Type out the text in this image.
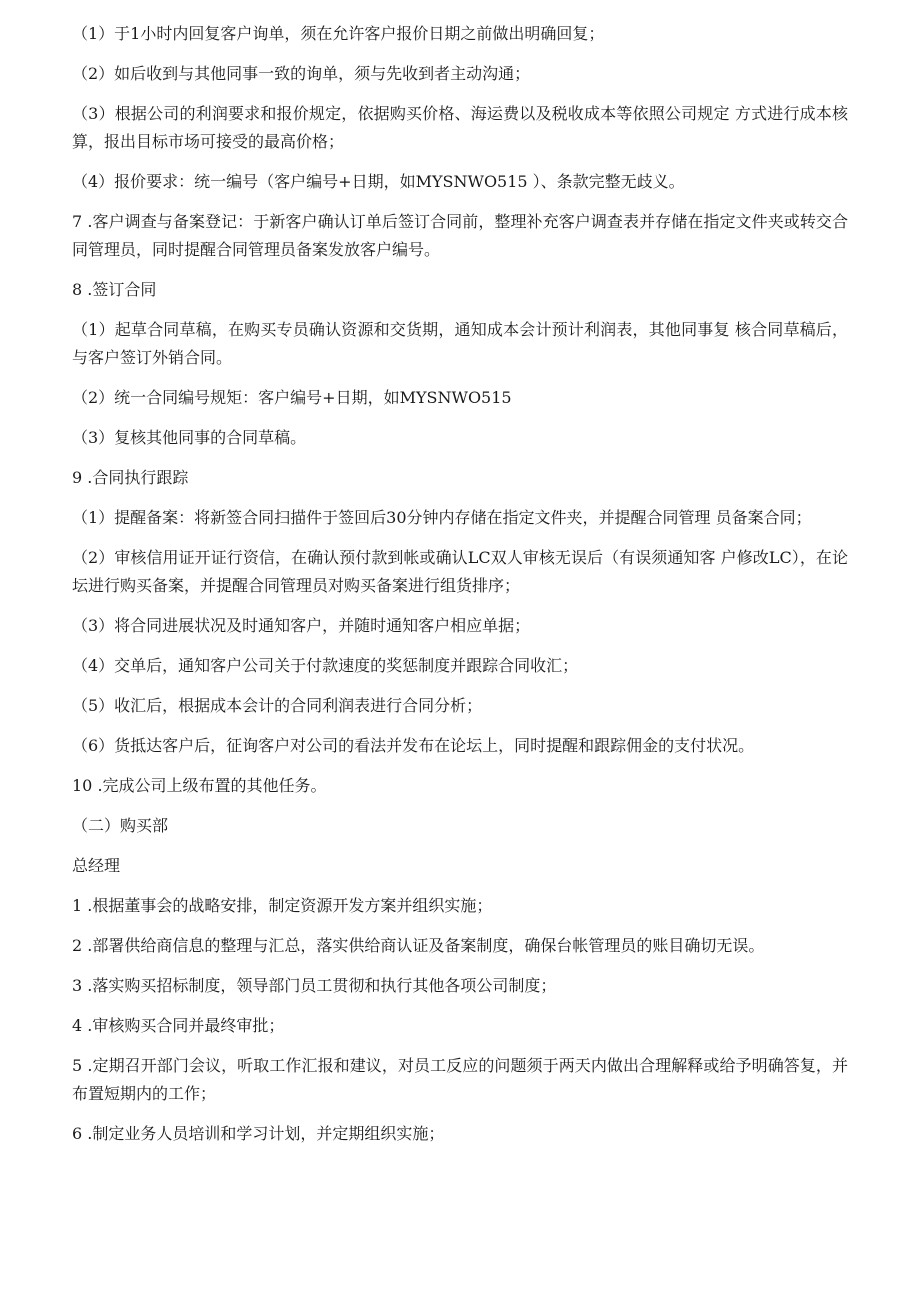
（1）于1小时内回复客户询单，须在允许客户报价日期之前做出明确回复；

（2）如后收到与其他同事一致的询单，须与先收到者主动沟通；

（3）根据公司的利润要求和报价规定，依据购买价格、海运费以及税收成本等依照公司规定 方式进行成本核算，报出目标市场可接受的最高价格；

（4）报价要求：统一编号（客户编号+日期，如MYSNWO515 ）、条款完整无歧义。

7 .客户调查与备案登记：于新客户确认订单后签订合同前，整理补充客户调查表并存储在指定文件夹或转交合同管理员，同时提醒合同管理员备案发放客户编号。

8 .签订合同

（1）起草合同草稿，在购买专员确认资源和交货期，通知成本会计预计利润表，其他同事复 核合同草稿后，与客户签订外销合同。

（2）统一合同编号规矩：客户编号+日期，如MYSNWO515

（3）复核其他同事的合同草稿。

9 .合同执行跟踪

（1）提醒备案：将新签合同扫描件于签回后30分钟内存储在指定文件夹，并提醒合同管理 员备案合同；

（2）审核信用证开证行资信，在确认预付款到帐或确认LC双人审核无误后（有误须通知客 户修改LC），在论坛进行购买备案，并提醒合同管理员对购买备案进行组货排序；

（3）将合同进展状况及时通知客户，并随时通知客户相应单据；

（4）交单后，通知客户公司关于付款速度的奖惩制度并跟踪合同收汇；

（5）收汇后，根据成本会计的合同利润表进行合同分析；

（6）货抵达客户后，征询客户对公司的看法并发布在论坛上，同时提醒和跟踪佣金的支付状况。

10 .完成公司上级布置的其他任务。

（二）购买部

总经理

1 .根据董事会的战略安排，制定资源开发方案并组织实施；

2 .部署供给商信息的整理与汇总，落实供给商认证及备案制度，确保台帐管理员的账目确切无误。

3 .落实购买招标制度，领导部门员工贯彻和执行其他各项公司制度；

4 .审核购买合同并最终审批；

5 .定期召开部门会议，听取工作汇报和建议，对员工反应的问题须于两天内做出合理解释或给予明确答复，并布置短期内的工作；

6 .制定业务人员培训和学习计划，并定期组织实施；
